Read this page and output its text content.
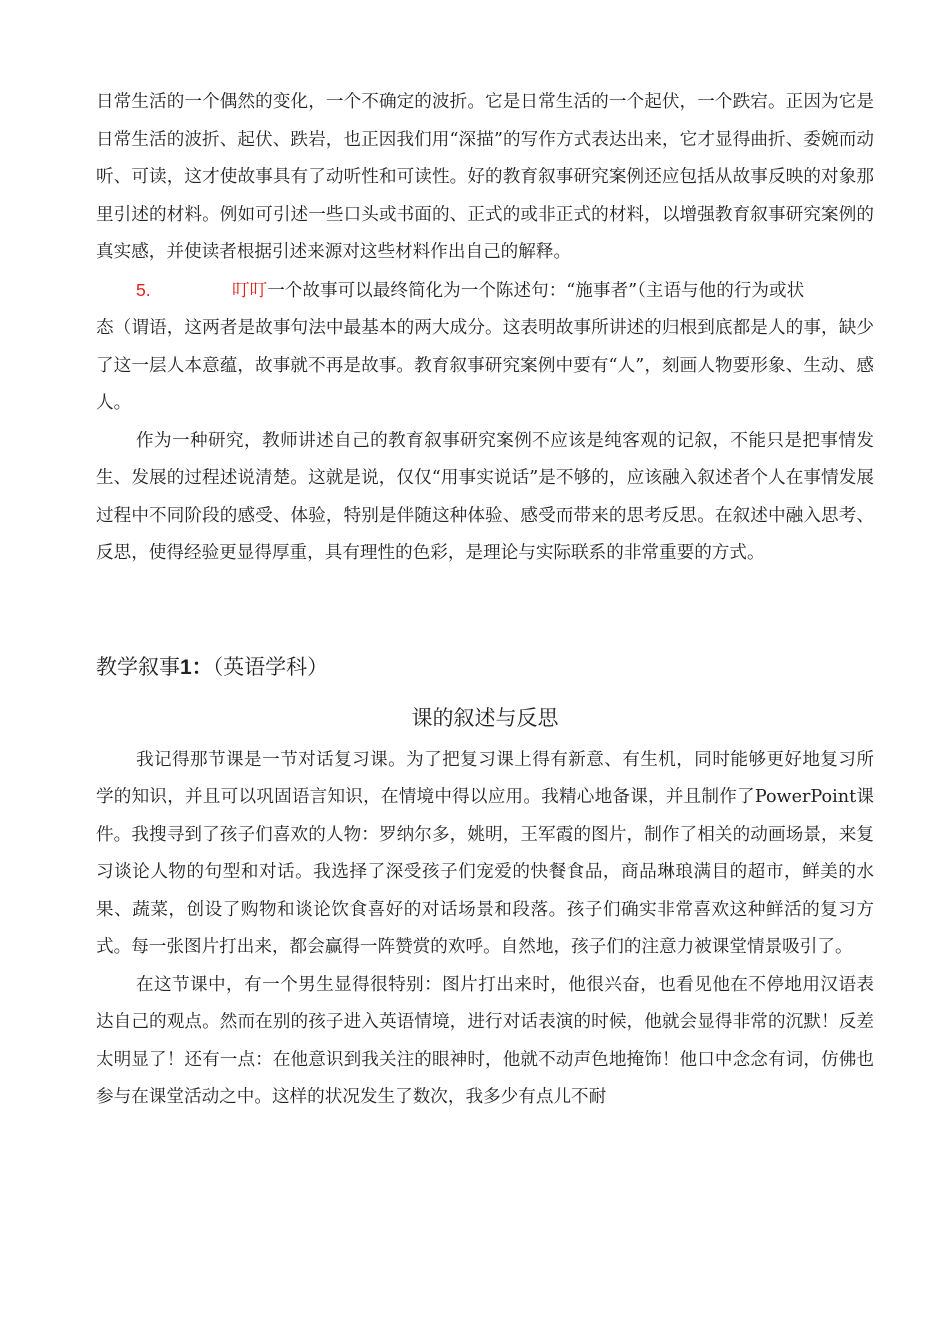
日常生活的一个偶然的变化，一个不确定的波折。它是日常生活的一个起伏，一个跌宕。正因为它是日常生活的波折、起伏、跌岩，也正因我们用“深描”的写作方式表达出来，它才显得曲折、委婉而动听、可读，这才使故事具有了动听性和可读性。好的教育叙事研究案例还应包括从故事反映的对象那里引述的材料。例如可引述一些口头或书面的、正式的或非正式的材料，以增强教育叙事研究案例的真实感，并使读者根据引述来源对这些材料作出自己的解释。

5.	叮叮一个故事可以最终简化为一个陈述句：“施事者”（主语与他的行为或状

态（谓语，这两者是故事句法中最基本的两大成分。这表明故事所讲述的归根到底都是人的事，缺少了这一层人本意蕴，故事就不再是故事。教育叙事研究案例中要有“人”，刻画人物要形象、生动、感人。

作为一种研究，教师讲述自己的教育叙事研究案例不应该是纯客观的记叙，不能只是把事情发生、发展的过程述说清楚。这就是说，仅仅“用事实说话”是不够的，应该融入叙述者个人在事情发展过程中不同阶段的感受、体验，特别是伴随这种体验、感受而带来的思考反思。在叙述中融入思考、反思，使得经验更显得厚重，具有理性的色彩，是理论与实际联系的非常重要的方式。

教学叙事1：（英语学科）

课的叙述与反思

我记得那节课是一节对话复习课。为了把复习课上得有新意、有生机，同时能够更好地复习所学的知识，并且可以巩固语言知识，在情境中得以应用。我精心地备课，并且制作了PowerPoint课件。我搜寻到了孩子们喜欢的人物：罗纳尔多，姚明，王军霞的图片，制作了相关的动画场景，来复习谈论人物的句型和对话。我选择了深受孩子们宠爱的快餐食品，商品琳琅满目的超市，鲜美的水果、蔬菜，创设了购物和谈论饮食喜好的对话场景和段落。孩子们确实非常喜欢这种鲜活的复习方式。每一张图片打出来，都会赢得一阵赞赏的欢呼。自然地，孩子们的注意力被课堂情景吸引了。

在这节课中，有一个男生显得很特别：图片打出来时，他很兴奋，也看见他在不停地用汉语表达自己的观点。然而在别的孩子进入英语情境，进行对话表演的时候，他就会显得非常的沉默！反差太明显了！还有一点：在他意识到我关注的眼神时，他就不动声色地掩饰！他口中念念有词，仿佛也参与在课堂活动之中。这样的状况发生了数次，我多少有点儿不耐
